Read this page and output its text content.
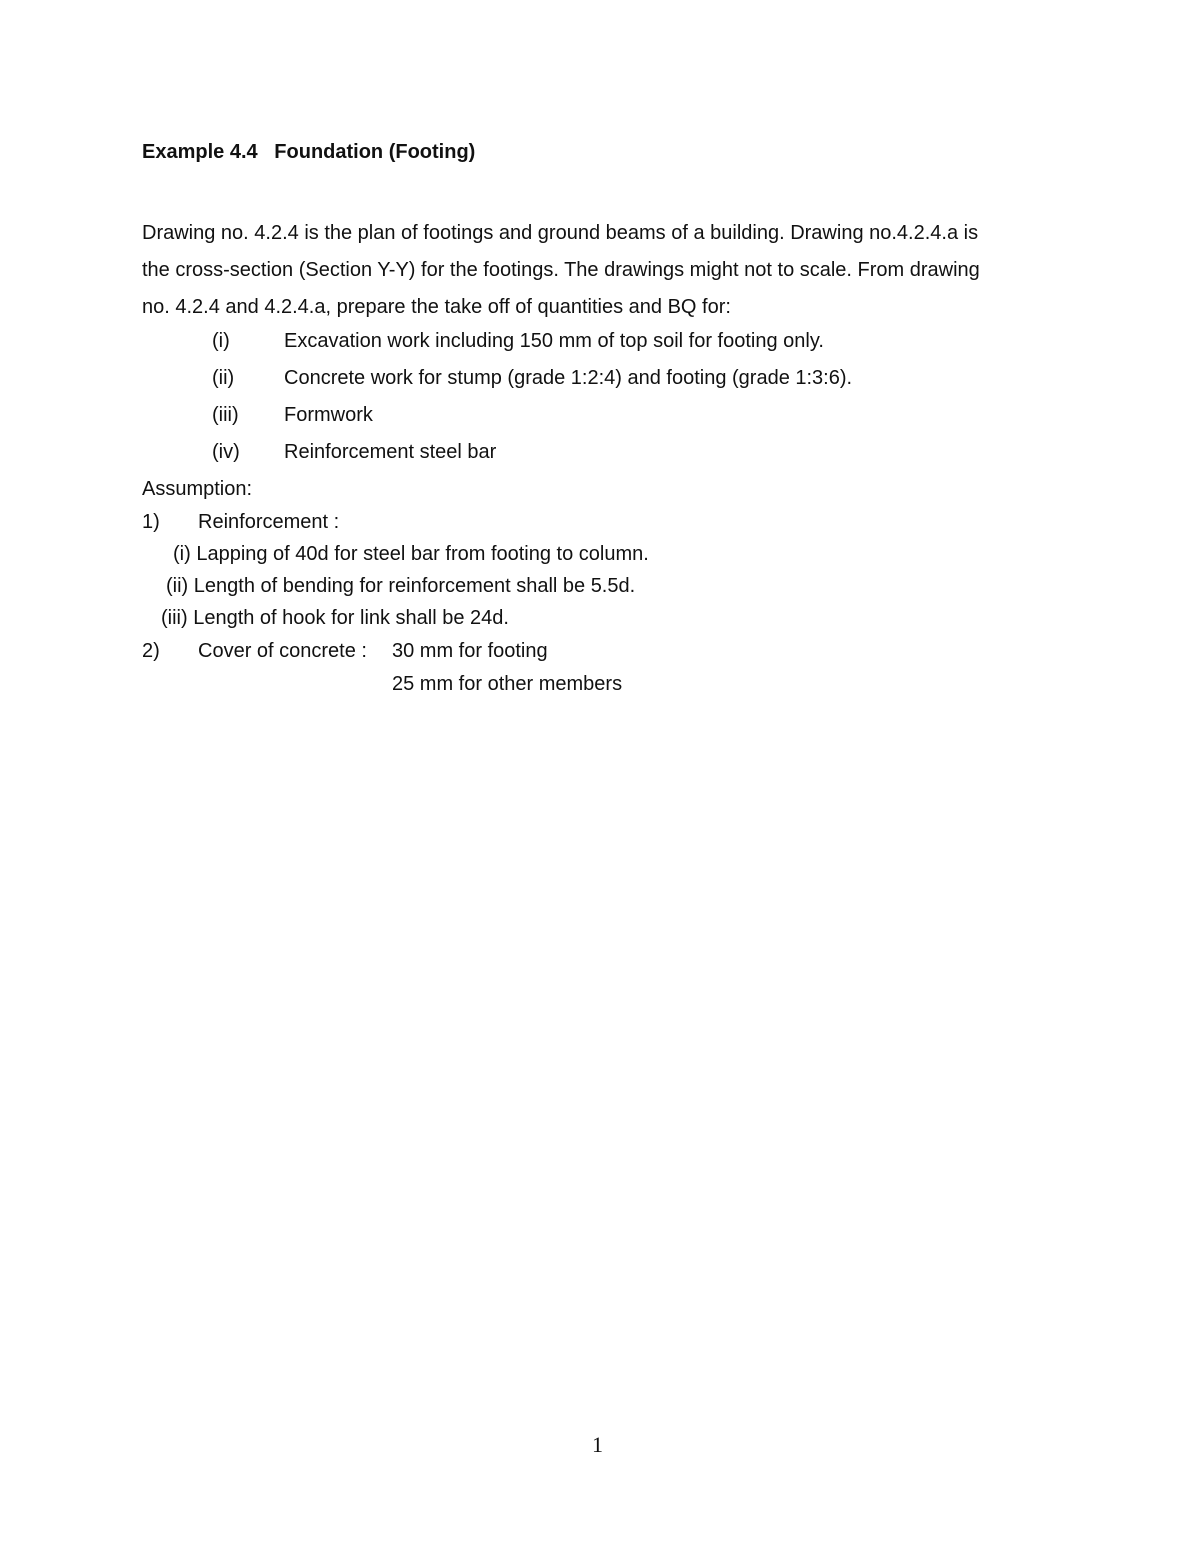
Example 4.4   Foundation (Footing)

Drawing no. 4.2.4 is the plan of footings and ground beams of a building. Drawing no.4.2.4.a is

the cross-section (Section Y-Y) for the footings. The drawings might not to scale. From drawing

no. 4.2.4 and 4.2.4.a, prepare the take off of quantities and BQ for:

(i)	Excavation work including 150 mm of top soil for footing only.
(ii) Concrete work for stump (grade 1:2:4) and footing (grade 1:3:6).
(iii) Formwork
(iv) Reinforcement steel bar
Assumption:
1) Reinforcement :
(i) Lapping of 40d for steel bar from footing to column.
(ii) Length of bending for reinforcement shall be 5.5d.
(iii) Length of hook for link shall be 24d.
2) Cover of concrete : 30 mm for footing
25 mm for other members
1
